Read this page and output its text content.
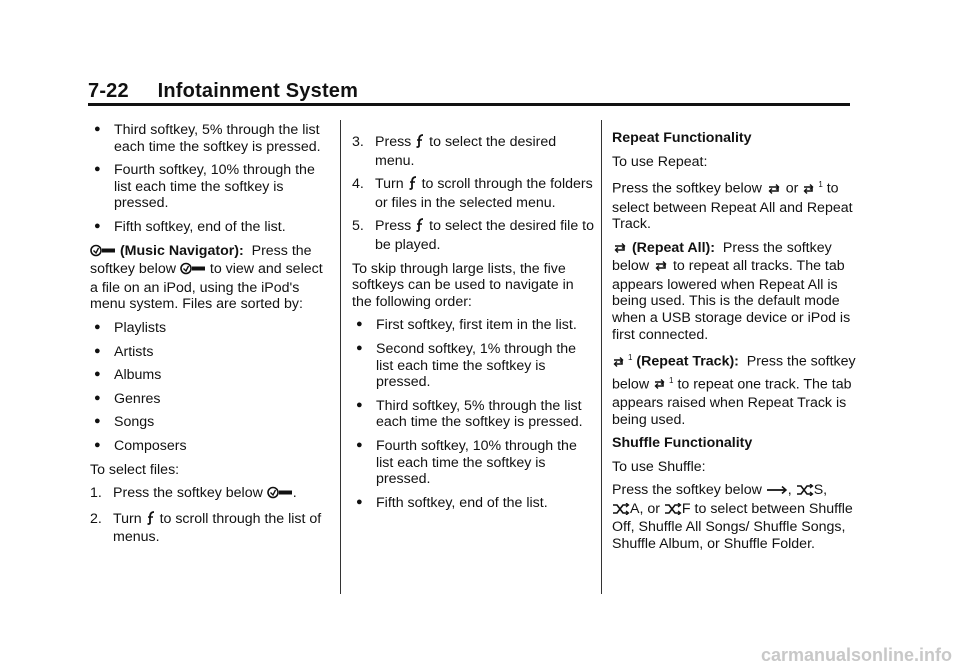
7-22     Infotainment System
● Third softkey, 5% through the list each time the softkey is pressed.
● Fourth softkey, 10% through the list each time the softkey is pressed.
● Fifth softkey, end of the list.

(Music Navigator): Press the softkey below to view and select a file on an iPod, using the iPod's menu system. Files are sorted by:

● Playlists
● Artists
● Albums
● Genres
● Songs
● Composers

To select files:

1. Press the softkey below .
2. Turn to scroll through the list of menus.
3. Press to select the desired menu.
4. Turn to scroll through the folders or files in the selected menu.
5. Press to select the desired file to be played.

To skip through large lists, the five softkeys can be used to navigate in the following order:

● First softkey, first item in the list.
● Second softkey, 1% through the list each time the softkey is pressed.
● Third softkey, 5% through the list each time the softkey is pressed.
● Fourth softkey, 10% through the list each time the softkey is pressed.
● Fifth softkey, end of the list.

Repeat Functionality

To use Repeat:

Press the softkey below or $^1$ to select between Repeat All and Repeat Track.

(Repeat All): Press the softkey below to repeat all tracks. The tab appears lowered when Repeat All is being used. This is the default mode when a USB storage device or iPod is first connected.

$^1$ (Repeat Track): Press the softkey below $^1$ to repeat one track. The tab appears raised when Repeat Track is being used.

Shuffle Functionality

To use Shuffle:

Press the softkey below , S,
A, or F to select between Shuffle Off, Shuffle All Songs/ Shuffle Songs, Shuffle Album, or Shuffle Folder.

carmanualsonline.info
